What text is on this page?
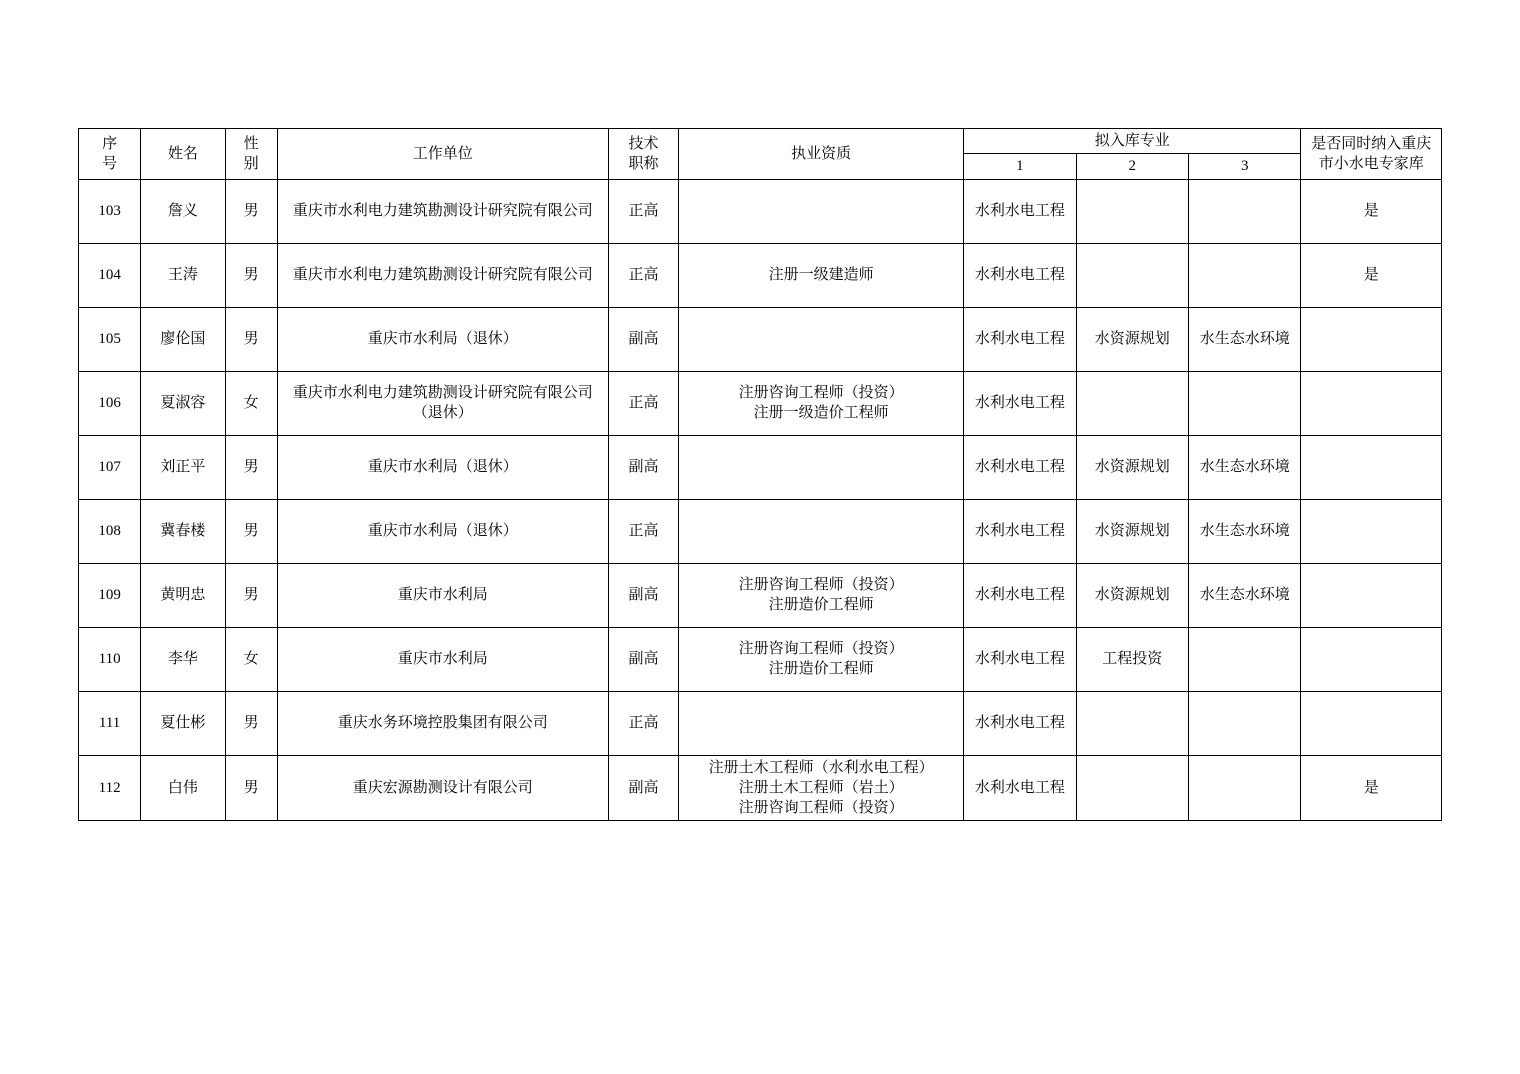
序
号
	姓名	
性
别
	工作单位	
技术
职称
	执业资质	拟入库专业	是否同时纳入重庆市小水电专家库
						1	2	3	
103	詹义	男	重庆市水利电力建筑勘测设计研究院有限公司	正高		水利水电工程			是
104	王涛	男	重庆市水利电力建筑勘测设计研究院有限公司	正高	注册一级建造师	水利水电工程			是
105	廖伦国	男	重庆市水利局（退休）	副高		水利水电工程	水资源规划	水生态水环境	
106	夏淑容	女	重庆市水利电力建筑勘测设计研究院有限公司（退休）	正高	注册咨询工程师（投资）
注册一级造价工程师	水利水电工程			
107	刘正平	男	重庆市水利局（退休）	副高		水利水电工程	水资源规划	水生态水环境	
108	冀春楼	男	重庆市水利局（退休）	正高		水利水电工程	水资源规划	水生态水环境	
109	黄明忠	男	重庆市水利局	副高	注册咨询工程师（投资）
注册造价工程师	水利水电工程	水资源规划	水生态水环境	
110	李华	女	重庆市水利局	副高	注册咨询工程师（投资）
注册造价工程师	水利水电工程	工程投资		
111	夏仕彬	男	重庆水务环境控股集团有限公司	正高		水利水电工程			
112	白伟	男	重庆宏源勘测设计有限公司	副高	注册土木工程师（水利水电工程）
注册土木工程师（岩土）
注册咨询工程师（投资）	水利水电工程			是
